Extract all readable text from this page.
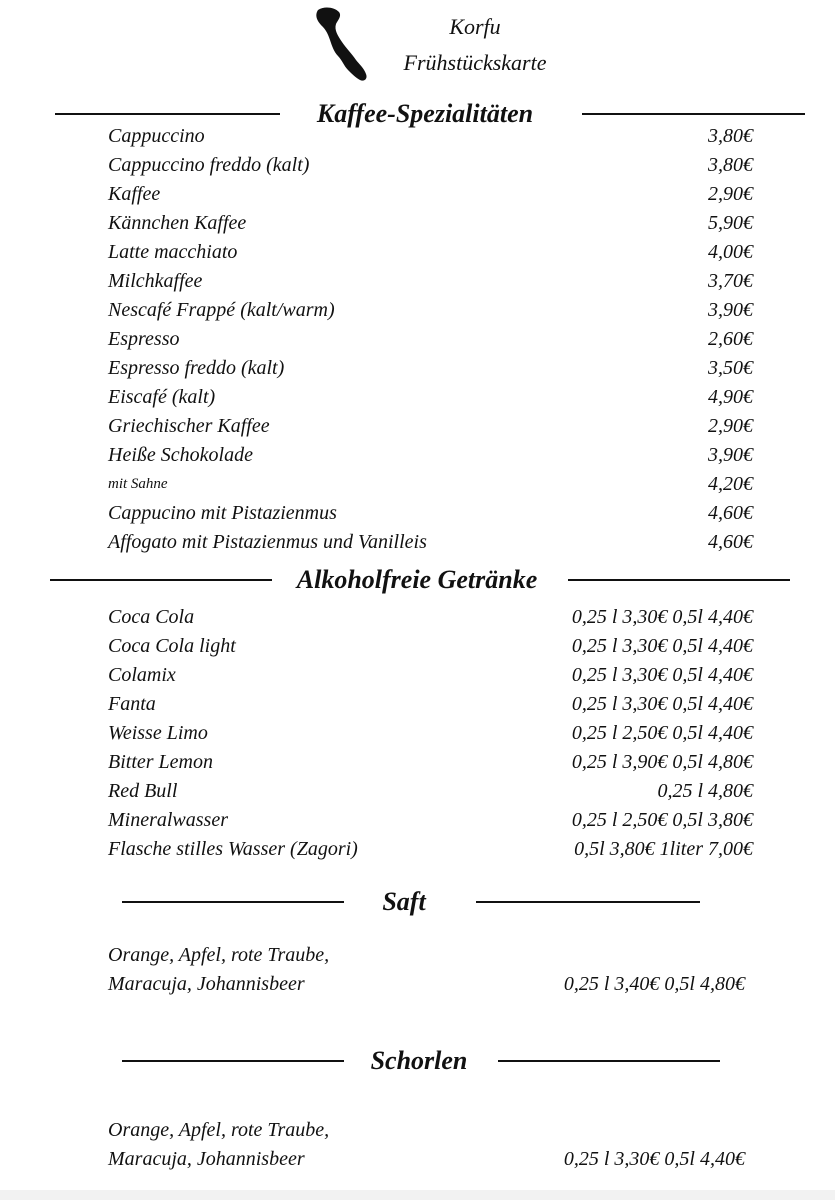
Korfu
Frühstückskarte
Kaffee-Spezialitäten
Cappuccino	3,80€
Cappuccino freddo (kalt)	3,80€
Kaffee	2,90€
Kännchen Kaffee	5,90€
Latte macchiato	4,00€
Milchkaffee	3,70€
Nescafé Frappé (kalt/warm)	3,90€
Espresso	2,60€
Espresso freddo (kalt)	3,50€
Eiscafé (kalt)	4,90€
Griechischer Kaffee	2,90€
Heiße Schokolade	3,90€
mit Sahne	4,20€
Cappucino mit Pistazienmus	4,60€
Affogato mit Pistazienmus und Vanilleis	4,60€
Alkoholfreie Getränke
Coca Cola	0,25 l 3,30€ 0,5l 4,40€
Coca Cola light	0,25 l 3,30€ 0,5l 4,40€
Colamix	0,25 l 3,30€ 0,5l 4,40€
Fanta	0,25 l 3,30€ 0,5l 4,40€
Weisse Limo	0,25 l 2,50€ 0,5l 4,40€
Bitter Lemon	0,25 l 3,90€ 0,5l 4,80€
Red Bull	0,25 l 4,80€
Mineralwasser	0,25 l 2,50€ 0,5l 3,80€
Flasche stilles Wasser (Zagori)	0,5l 3,80€ 1liter 7,00€
Saft
Orange, Apfel, rote Traube,
Maracuja, Johannisbeer	0,25 l 3,40€ 0,5l 4,80€
Schorlen
Orange, Apfel, rote Traube,
Maracuja, Johannisbeer	0,25 l 3,30€ 0,5l 4,40€
